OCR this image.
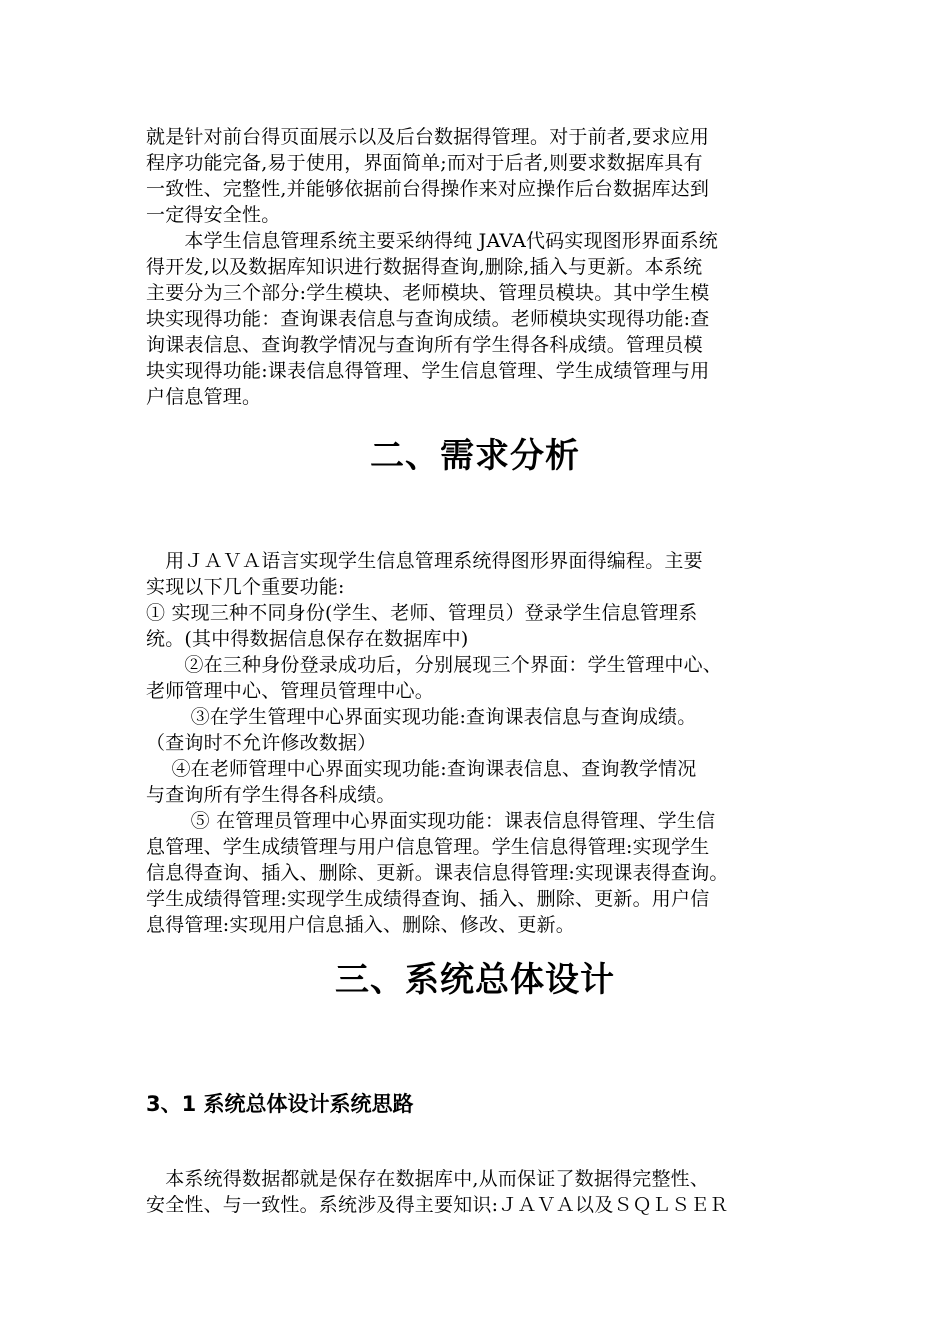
就是针对前台得页面展示以及后台数据得管理。对于前者,要求应用
程序功能完备,易于使用，界面简单;而对于后者,则要求数据库具有
一致性、完整性,并能够依据前台得操作来对应操作后台数据库达到
一定得安全性。

　　本学生信息管理系统主要采纳得纯 JAVA代码实现图形界面系统
得开发,以及数据库知识进行数据得查询,删除,插入与更新。本系统
主要分为三个部分:学生模块、老师模块、管理员模块。其中学生模
块实现得功能：查询课表信息与查询成绩。老师模块实现得功能:查
询课表信息、查询教学情况与查询所有学生得各科成绩。管理员模
块实现得功能:课表信息得管理、学生信息管理、学生成绩管理与用
户信息管理。

二、需求分析

　用ＪＡＶＡ语言实现学生信息管理系统得图形界面得编程。主要
实现以下几个重要功能:
① 实现三种不同身份(学生、老师、管理员）登录学生信息管理系
统。(其中得数据信息保存在数据库中)
　　②在三种身份登录成功后，分别展现三个界面：学生管理中心、
老师管理中心、管理员管理中心。
　　 ③在学生管理中心界面实现功能:查询课表信息与查询成绩。
（查询时不允许修改数据）
　 ④在老师管理中心界面实现功能:查询课表信息、查询教学情况
与查询所有学生得各科成绩。
　　 ⑤ 在管理员管理中心界面实现功能：课表信息得管理、学生信
息管理、学生成绩管理与用户信息管理。学生信息得管理:实现学生
信息得查询、插入、删除、更新。课表信息得管理:实现课表得查询。
学生成绩得管理:实现学生成绩得查询、插入、删除、更新。用户信
息得管理:实现用户信息插入、删除、修改、更新。

三、系统总体设计
3、1 系统总体设计系统思路

　本系统得数据都就是保存在数据库中,从而保证了数据得完整性、
安全性、与一致性。系统涉及得主要知识:ＪＡＶＡ以及ＳＱＬＳＥＲ
